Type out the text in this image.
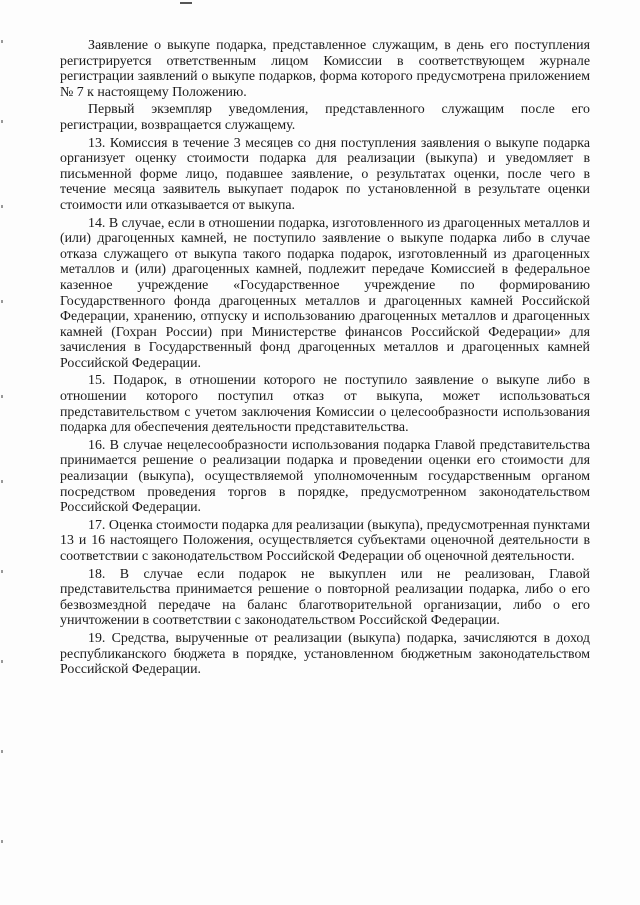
Заявление о выкупе подарка, представленное служащим, в день его поступления регистрируется ответственным лицом Комиссии в соответствующем журнале регистрации заявлений о выкупе подарков, форма которого предусмотрена приложением № 7 к настоящему Положению.

Первый экземпляр уведомления, представленного служащим после его регистрации, возвращается служащему.

13. Комиссия в течение 3 месяцев со дня поступления заявления о выкупе подарка организует оценку стоимости подарка для реализации (выкупа) и уведомляет в письменной форме лицо, подавшее заявление, о результатах оценки, после чего в течение месяца заявитель выкупает подарок по установленной в результате оценки стоимости или отказывается от выкупа.

14. В случае, если в отношении подарка, изготовленного из драгоценных металлов и (или) драгоценных камней, не поступило заявление о выкупе подарка либо в случае отказа служащего от выкупа такого подарка подарок, изготовленный из драгоценных металлов и (или) драгоценных камней, подлежит передаче Комиссией в федеральное казенное учреждение «Государственное учреждение по формированию Государственного фонда драгоценных металлов и драгоценных камней Российской Федерации, хранению, отпуску и использованию драгоценных металлов и драгоценных камней (Гохран России) при Министерстве финансов Российской Федерации» для зачисления в Государственный фонд драгоценных металлов и драгоценных камней Российской Федерации.

15. Подарок, в отношении которого не поступило заявление о выкупе либо в отношении которого поступил отказ от выкупа, может использоваться представительством с учетом заключения Комиссии о целесообразности использования подарка для обеспечения деятельности представительства.

16. В случае нецелесообразности использования подарка Главой представительства принимается решение о реализации подарка и проведении оценки его стоимости для реализации (выкупа), осуществляемой уполномоченным государственным органом посредством проведения торгов в порядке, предусмотренном законодательством Российской Федерации.

17. Оценка стоимости подарка для реализации (выкупа), предусмотренная пунктами 13 и 16 настоящего Положения, осуществляется субъектами оценочной деятельности в соответствии с законодательством Российской Федерации об оценочной деятельности.

18. В случае если подарок не выкуплен или не реализован, Главой представительства принимается решение о повторной реализации подарка, либо о его безвозмездной передаче на баланс благотворительной организации, либо о его уничтожении в соответствии с законодательством Российской Федерации.

19. Средства, вырученные от реализации (выкупа) подарка, зачисляются в доход республиканского бюджета в порядке, установленном бюджетным законодательством Российской Федерации.
